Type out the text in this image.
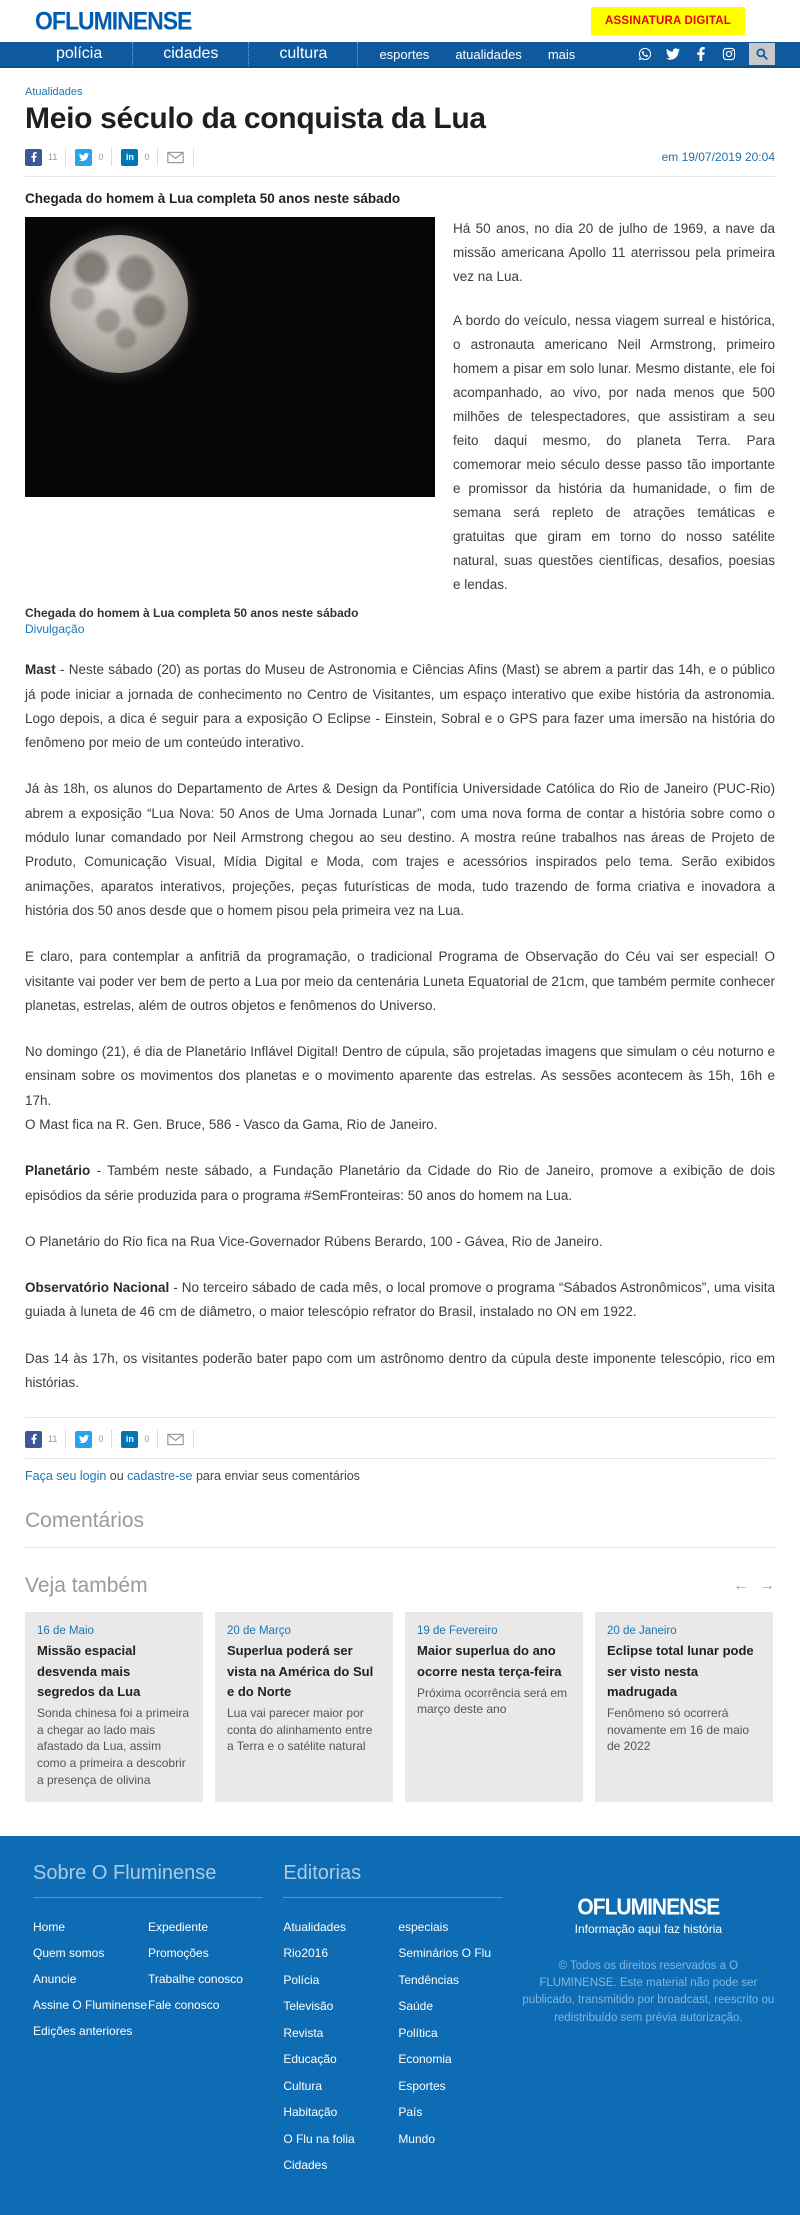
OFLUMINENSE	ASSINATURA DIGITAL
polícia	cidades	cultura	esportes	atualidades	mais
Atualidades
Meio século da conquista da Lua
11	0	in	0	em 19/07/2019 20:04
Chegada do homem à Lua completa 50 anos neste sábado

Há 50 anos, no dia 20 de julho de 1969, a nave da missão americana Apollo 11 aterrissou pela primeira vez na Lua.

A bordo do veículo, nessa viagem surreal e histórica, o astronauta americano Neil Armstrong, primeiro homem a pisar em solo lunar. Mesmo distante, ele foi acompanhado, ao vivo, por nada menos que 500 milhões de telespectadores, que assistiram a seu feito daqui mesmo, do planeta Terra. Para comemorar meio século desse passo tão importante e promissor da história da humanidade, o fim de semana será repleto de atrações temáticas e gratuitas que giram em torno do nosso satélite natural, suas questões científicas, desafios, poesias e lendas.

Chegada do homem à Lua completa 50 anos neste sábado
Divulgação

Mast - Neste sábado (20) as portas do Museu de Astronomia e Ciências Afins (Mast) se abrem a partir das 14h, e o público já pode iniciar a jornada de conhecimento no Centro de Visitantes, um espaço interativo que exibe história da astronomia. Logo depois, a dica é seguir para a exposição O Eclipse - Einstein, Sobral e o GPS para fazer uma imersão na história do fenômeno por meio de um conteúdo interativo.

Já às 18h, os alunos do Departamento de Artes & Design da Pontifícia Universidade Católica do Rio de Janeiro (PUC-Rio) abrem a exposição “Lua Nova: 50 Anos de Uma Jornada Lunar”, com uma nova forma de contar a história sobre como o módulo lunar comandado por Neil Armstrong chegou ao seu destino. A mostra reúne trabalhos nas áreas de Projeto de Produto, Comunicação Visual, Mídia Digital e Moda, com trajes e acessórios inspirados pelo tema. Serão exibidos animações, aparatos interativos, projeções, peças futurísticas de moda, tudo trazendo de forma criativa e inovadora a história dos 50 anos desde que o homem pisou pela primeira vez na Lua.

E claro, para contemplar a anfitriã da programação, o tradicional Programa de Observação do Céu vai ser especial! O visitante vai poder ver bem de perto a Lua por meio da centenária Luneta Equatorial de 21cm, que também permite conhecer planetas, estrelas, além de outros objetos e fenômenos do Universo.

No domingo (21), é dia de Planetário Inflável Digital! Dentro de cúpula, são projetadas imagens que simulam o céu noturno e ensinam sobre os movimentos dos planetas e o movimento aparente das estrelas. As sessões acontecem às 15h, 16h e 17h.
O Mast fica na R. Gen. Bruce, 586 - Vasco da Gama, Rio de Janeiro.

Planetário - Também neste sábado, a Fundação Planetário da Cidade do Rio de Janeiro, promove a exibição de dois episódios da série produzida para o programa #SemFronteiras: 50 anos do homem na Lua.

O Planetário do Rio fica na Rua Vice-Governador Rúbens Berardo, 100 - Gávea, Rio de Janeiro.

Observatório Nacional - No terceiro sábado de cada mês, o local promove o programa “Sábados Astronômicos”, uma visita guiada à luneta de 46 cm de diâmetro, o maior telescópio refrator do Brasil, instalado no ON em 1922.

Das 14 às 17h, os visitantes poderão bater papo com um astrônomo dentro da cúpula deste imponente telescópio, rico em histórias.

11	0	in	0
Faça seu login ou cadastre-se para enviar seus comentários
Comentários
Veja também	← →
16 de Maio
Missão espacial desvenda mais segredos da Lua
Sonda chinesa foi a primeira a chegar ao lado mais afastado da Lua, assim como a primeira a descobrir a presença de olivina
20 de Março
Superlua poderá ser vista na América do Sul e do Norte
Lua vai parecer maior por conta do alinhamento entre a Terra e o satélite natural
19 de Fevereiro
Maior superlua do ano ocorre nesta terça-feira
Próxima ocorrência será em março deste ano
20 de Janeiro
Eclipse total lunar pode ser visto nesta madrugada
Fenômeno só ocorrerá novamente em 16 de maio de 2022
Sobre O Fluminense
Home
Quem somos
Anuncie
Assine O Fluminense
Edições anteriores
Expediente
Promoções
Trabalhe conosco
Fale conosco
Editorias
Atualidades
Rio2016
Polícia
Televisão
Revista
Educação
Cultura
Habitação
O Flu na folia
Cidades
especiais
Seminários O Flu
Tendências
Saúde
Política
Economia
Esportes
País
Mundo
OFLUMINENSE
Informação aqui faz história
© Todos os direitos reservados a O FLUMINENSE. Este material não pode ser publicado, transmitido por broadcast, reescrito ou redistribuído sem prévia autorização.
